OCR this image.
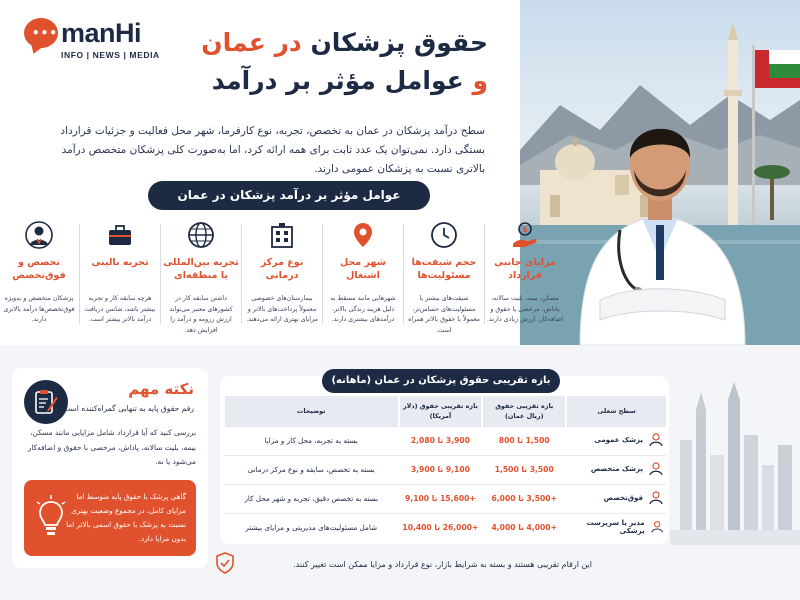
••• manHi
INFO | NEWS | MEDIA	حقوق پزشکان در عمان
و عوامل مؤثر بر درآمد

سطح درآمد پزشکان در عمان به تخصص، تجربه، نوع کارفرما، شهر محل فعالیت و جزئیات قرارداد بستگی دارد. نمی‌توان یک عدد ثابت برای همه ارائه کرد، اما به‌صورت کلی پزشکان متخصص درآمد بالاتری نسبت به پزشکان عمومی دارند.

عوامل مؤثر بر درآمد پزشکان در عمان
$
مزایای جانبی قرارداد
مسکن، بیمه، بلیت سالانه، پاداش، مرخصی یا حقوق و اضافه‌کار، ارزش زیادی دارند.
حجم شیفت‌ها مسئولیت‌ها
شیفت‌های بیشتر یا مسئولیت‌های حساس‌تر، معمولاً با حقوق بالاتر همراه است.
شهر محل اشتغال
شهرهایی مانند مسقط به دلیل هزینه زندگی بالاتر، درآمدهای بیشتری دارند.
نوع مرکز درمانی
بیمارستان‌های خصوصی معمولاً پرداخت‌های بالاتر و مزایای بهتری ارائه می‌دهند.
تجربه بین‌المللی یا منطقه‌ای
داشتن سابقه کار در کشورهای معتبر می‌تواند ارزش رزومه و درآمد را افزایش دهد.
تجربه بالینی
هرچه سابقه کار و تجربه بیشتر باشد، شانس دریافت درآمد بالاتر بیشتر است.
تخصص و فوق‌تخصص
پزشکان متخصص و به‌ویژه فوق‌تخصص‌ها درآمد بالاتری دارند.
نکته مهم
رقم حقوق پایه به تنهایی گمراه‌کننده است.
بررسی کنید که آیا قرارداد شامل مزایایی مانند مسکن، بیمه، بلیت سالانه، پاداش، مرخصی با حقوق و اضافه‌کار می‌شود یا نه.
گاهی پزشک با حقوق پایه متوسط اما مزایای کامل، در مجموع وضعیت بهتری نسبت به پزشک با حقوق اسمی بالاتر اما بدون مزایا دارد.
سطح شغلی	بازه تقریبی حقوق (ریال عمان)	بازه تقریبی حقوق (دلار آمریکا)	توضیحات

پزشک عمومی	1,500 تا 800	3,900 تا 2,080	بسته به تجربه، محل کار و مزایا

پزشک متخصص	3,500 تا 1,500	9,100 تا 3,900	بسته به تخصص، سابقه و نوع مرکز درمانی

فوق‌تخصص	+3,500 تا 6,000	+15,600 تا 9,100	بسته به تخصص دقیق، تجربه و شهر محل کار

مدیر یا سرپرست پزشکی	+4,000 تا 4,000	+26,000 تا 10,400	شامل مسئولیت‌های مدیریتی و مزایای بیشتر
بازه تقریبی حقوق پزشکان در عمان (ماهانه)
این ارقام تقریبی هستند و بسته به شرایط بازار، نوع قرارداد و مزایا ممکن است تغییر کنند.
